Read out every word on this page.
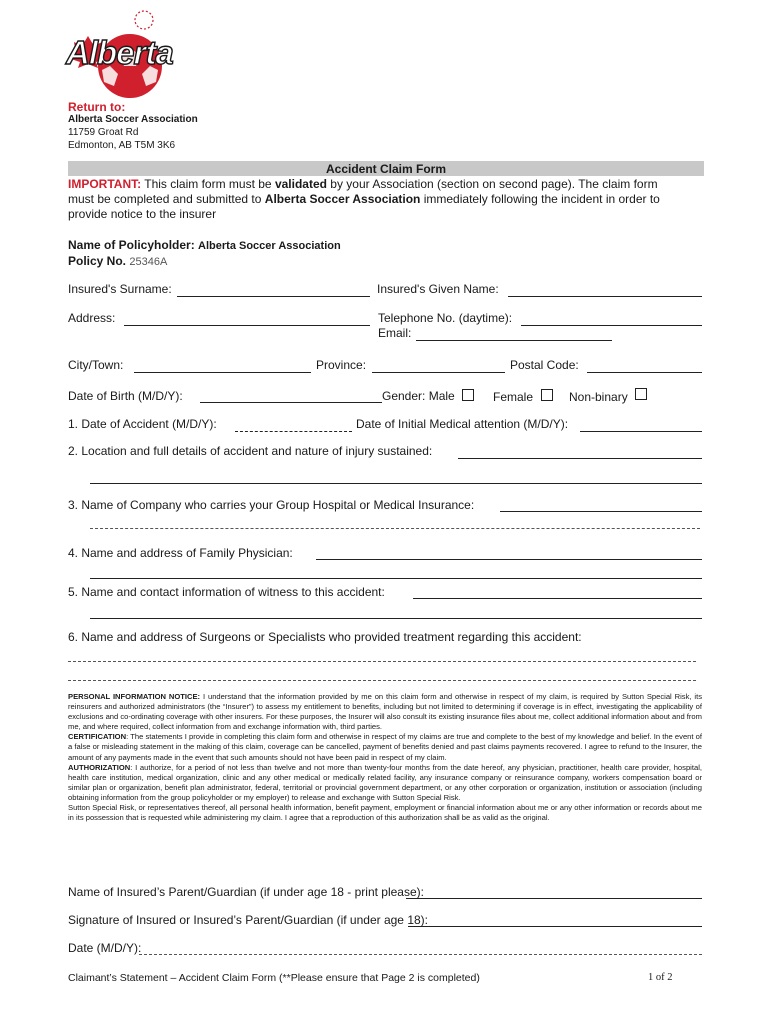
Alberta
Return to:
Alberta Soccer Association
11759 Groat Rd
Edmonton, AB T5M 3K6
Accident Claim Form
IMPORTANT: This claim form must be validated by your Association (section on second page). The claim form
must be completed and submitted to Alberta Soccer Association immediately following the incident in order to
provide notice to the insurer
Name of Policyholder: Alberta Soccer Association
Policy No. 25346A
Insured's Surname:	Insured's Given Name:
Address:	Telephone No. (daytime):
Email:
City/Town:	Province:	Postal Code:
Date of Birth (M/D/Y):	Gender: Male	Female	Non-binary
1. Date of Accident (M/D/Y):	Date of Initial Medical attention (M/D/Y):
2. Location and full details of accident and nature of injury sustained:
3. Name of Company who carries your Group Hospital or Medical Insurance:
4. Name and address of Family Physician:
5. Name and contact information of witness to this accident:
6. Name and address of Surgeons or Specialists who provided treatment regarding this accident:
PERSONAL INFORMATION NOTICE: I understand that the information provided by me on this claim form and otherwise in respect of my claim, is required by Sutton Special Risk, its reinsurers and authorized administrators (the “Insurer”) to assess my entitlement to benefits, including but not limited to determining if coverage is in effect, investigating the applicability of exclusions and co-ordinating coverage with other insurers. For these purposes, the Insurer will also consult its existing insurance files about me, collect additional information about and from me, and where required, collect information from and exchange information with, third parties.
CERTIFICATION: The statements I provide in completing this claim form and otherwise in respect of my claims are true and complete to the best of my knowledge and belief. In the event of a false or misleading statement in the making of this claim, coverage can be cancelled, payment of benefits denied and past claims payments recovered. I agree to refund to the Insurer, the amount of any payments made in the event that such amounts should not have been paid in respect of my claim.
AUTHORIZATION: I authorize, for a period of not less than twelve and not more than twenty-four months from the date hereof, any physician, practitioner, health care provider, hospital, health care institution, medical organization, clinic and any other medical or medically related facility, any insurance company or reinsurance company, workers compensation board or similar plan or organization, benefit plan administrator, federal, territorial or provincial government department, or any other corporation or organization, institution or association (including obtaining information from the group policyholder or my employer) to release and exchange with Sutton Special Risk.
Sutton Special Risk, or representatives thereof, all personal health information, benefit payment, employment or financial information about me or any other information or records about me in its possession that is requested while administering my claim. I agree that a reproduction of this authorization shall be as valid as the original.
Name of Insured’s Parent/Guardian (if under age 18 - print please):
Signature of Insured or Insured’s Parent/Guardian (if under age 18):
Date (M/D/Y):
Claimant’s Statement – Accident Claim Form (**Please ensure that Page 2 is completed)	1 of 2
